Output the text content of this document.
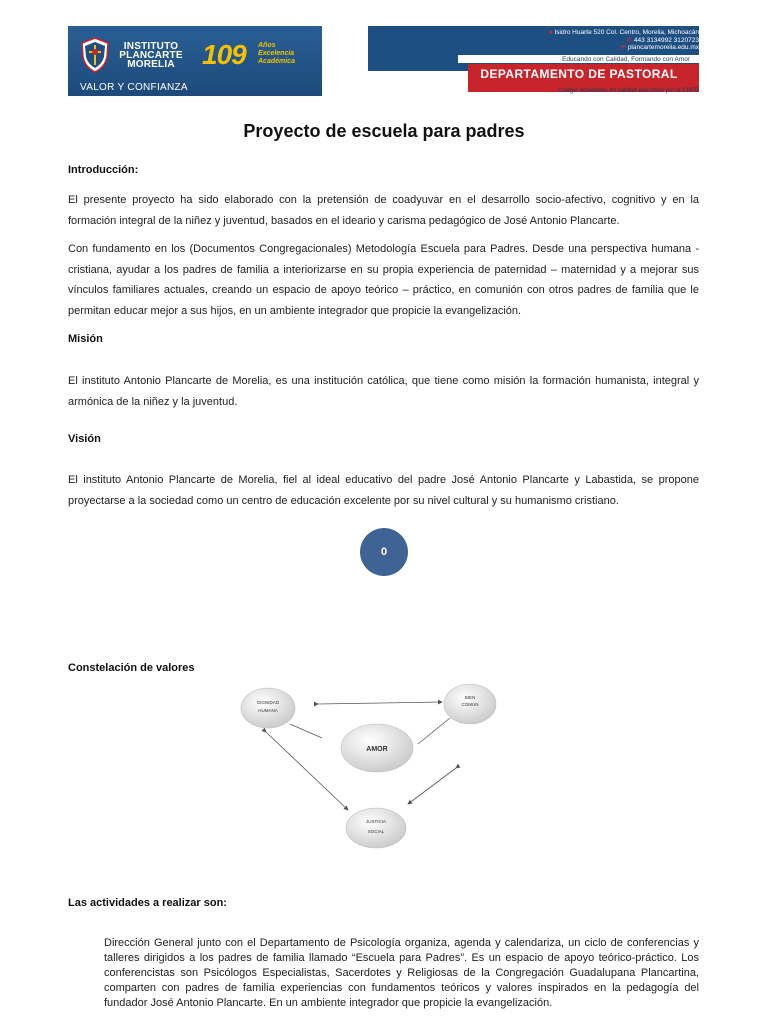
INSTITUTO
PLANCARTE
MORELIA 109 Años
Excelencia
Académica
VALOR Y CONFIANZA
● Isidro Huarte 520 Col. Centro, Morelia, Michoacán
✆ 443 3134992 3120723
✉ plancartemorelia.edu.mx
Educando con Calidad, Formando con Amor
DEPARTAMENTO DE PASTORAL
Colegio acreditado en calidad educativa por la CNEP
Proyecto de escuela para padres
Introducción:
El presente proyecto ha sido elaborado con la pretensión de coadyuvar en el desarrollo socio-afectivo, cognitivo y en la formación integral de la niñez y juventud, basados en el ideario y carisma pedagógico de José Antonio Plancarte.
Con fundamento en los (Documentos Congregacionales) Metodología Escuela para Padres. Desde una perspectiva humana - cristiana, ayudar a los padres de familia a interiorizarse en su propia experiencia de paternidad – maternidad y a mejorar sus vínculos familiares actuales, creando un espacio de apoyo teórico – práctico, en comunión con otros padres de familia que le permitan educar mejor a sus hijos, en un ambiente integrador que propicie la evangelización.
Misión
El instituto Antonio Plancarte de Morelia, es una institución católica, que tiene como misión la formación humanista, integral y armónica de la niñez y la juventud.
Visión
El instituto Antonio Plancarte de Morelia, fiel al ideal educativo del padre José Antonio Plancarte y Labastida, se propone proyectarse a la sociedad como un centro de educación excelente por su nivel cultural y su humanismo cristiano.
0
Constelación de valores
DIGNIDAD
HUMANA
BIEN
COMÚN
AMOR
JUSTICIA
SOCIAL
Las actividades a realizar son:
Dirección General junto con el Departamento de Psicología organiza, agenda y calendariza, un ciclo de conferencias y talleres dirigidos a los padres de familia llamado “Escuela para Padres”. Es un espacio de apoyo teórico-práctico. Los conferencistas son Psicólogos Especialistas, Sacerdotes y Religiosas de la Congregación Guadalupana Plancartina, comparten con padres de familia experiencias con fundamentos teóricos y valores inspirados en la pedagogía del fundador José Antonio Plancarte. En un ambiente integrador que propicie la evangelización.
